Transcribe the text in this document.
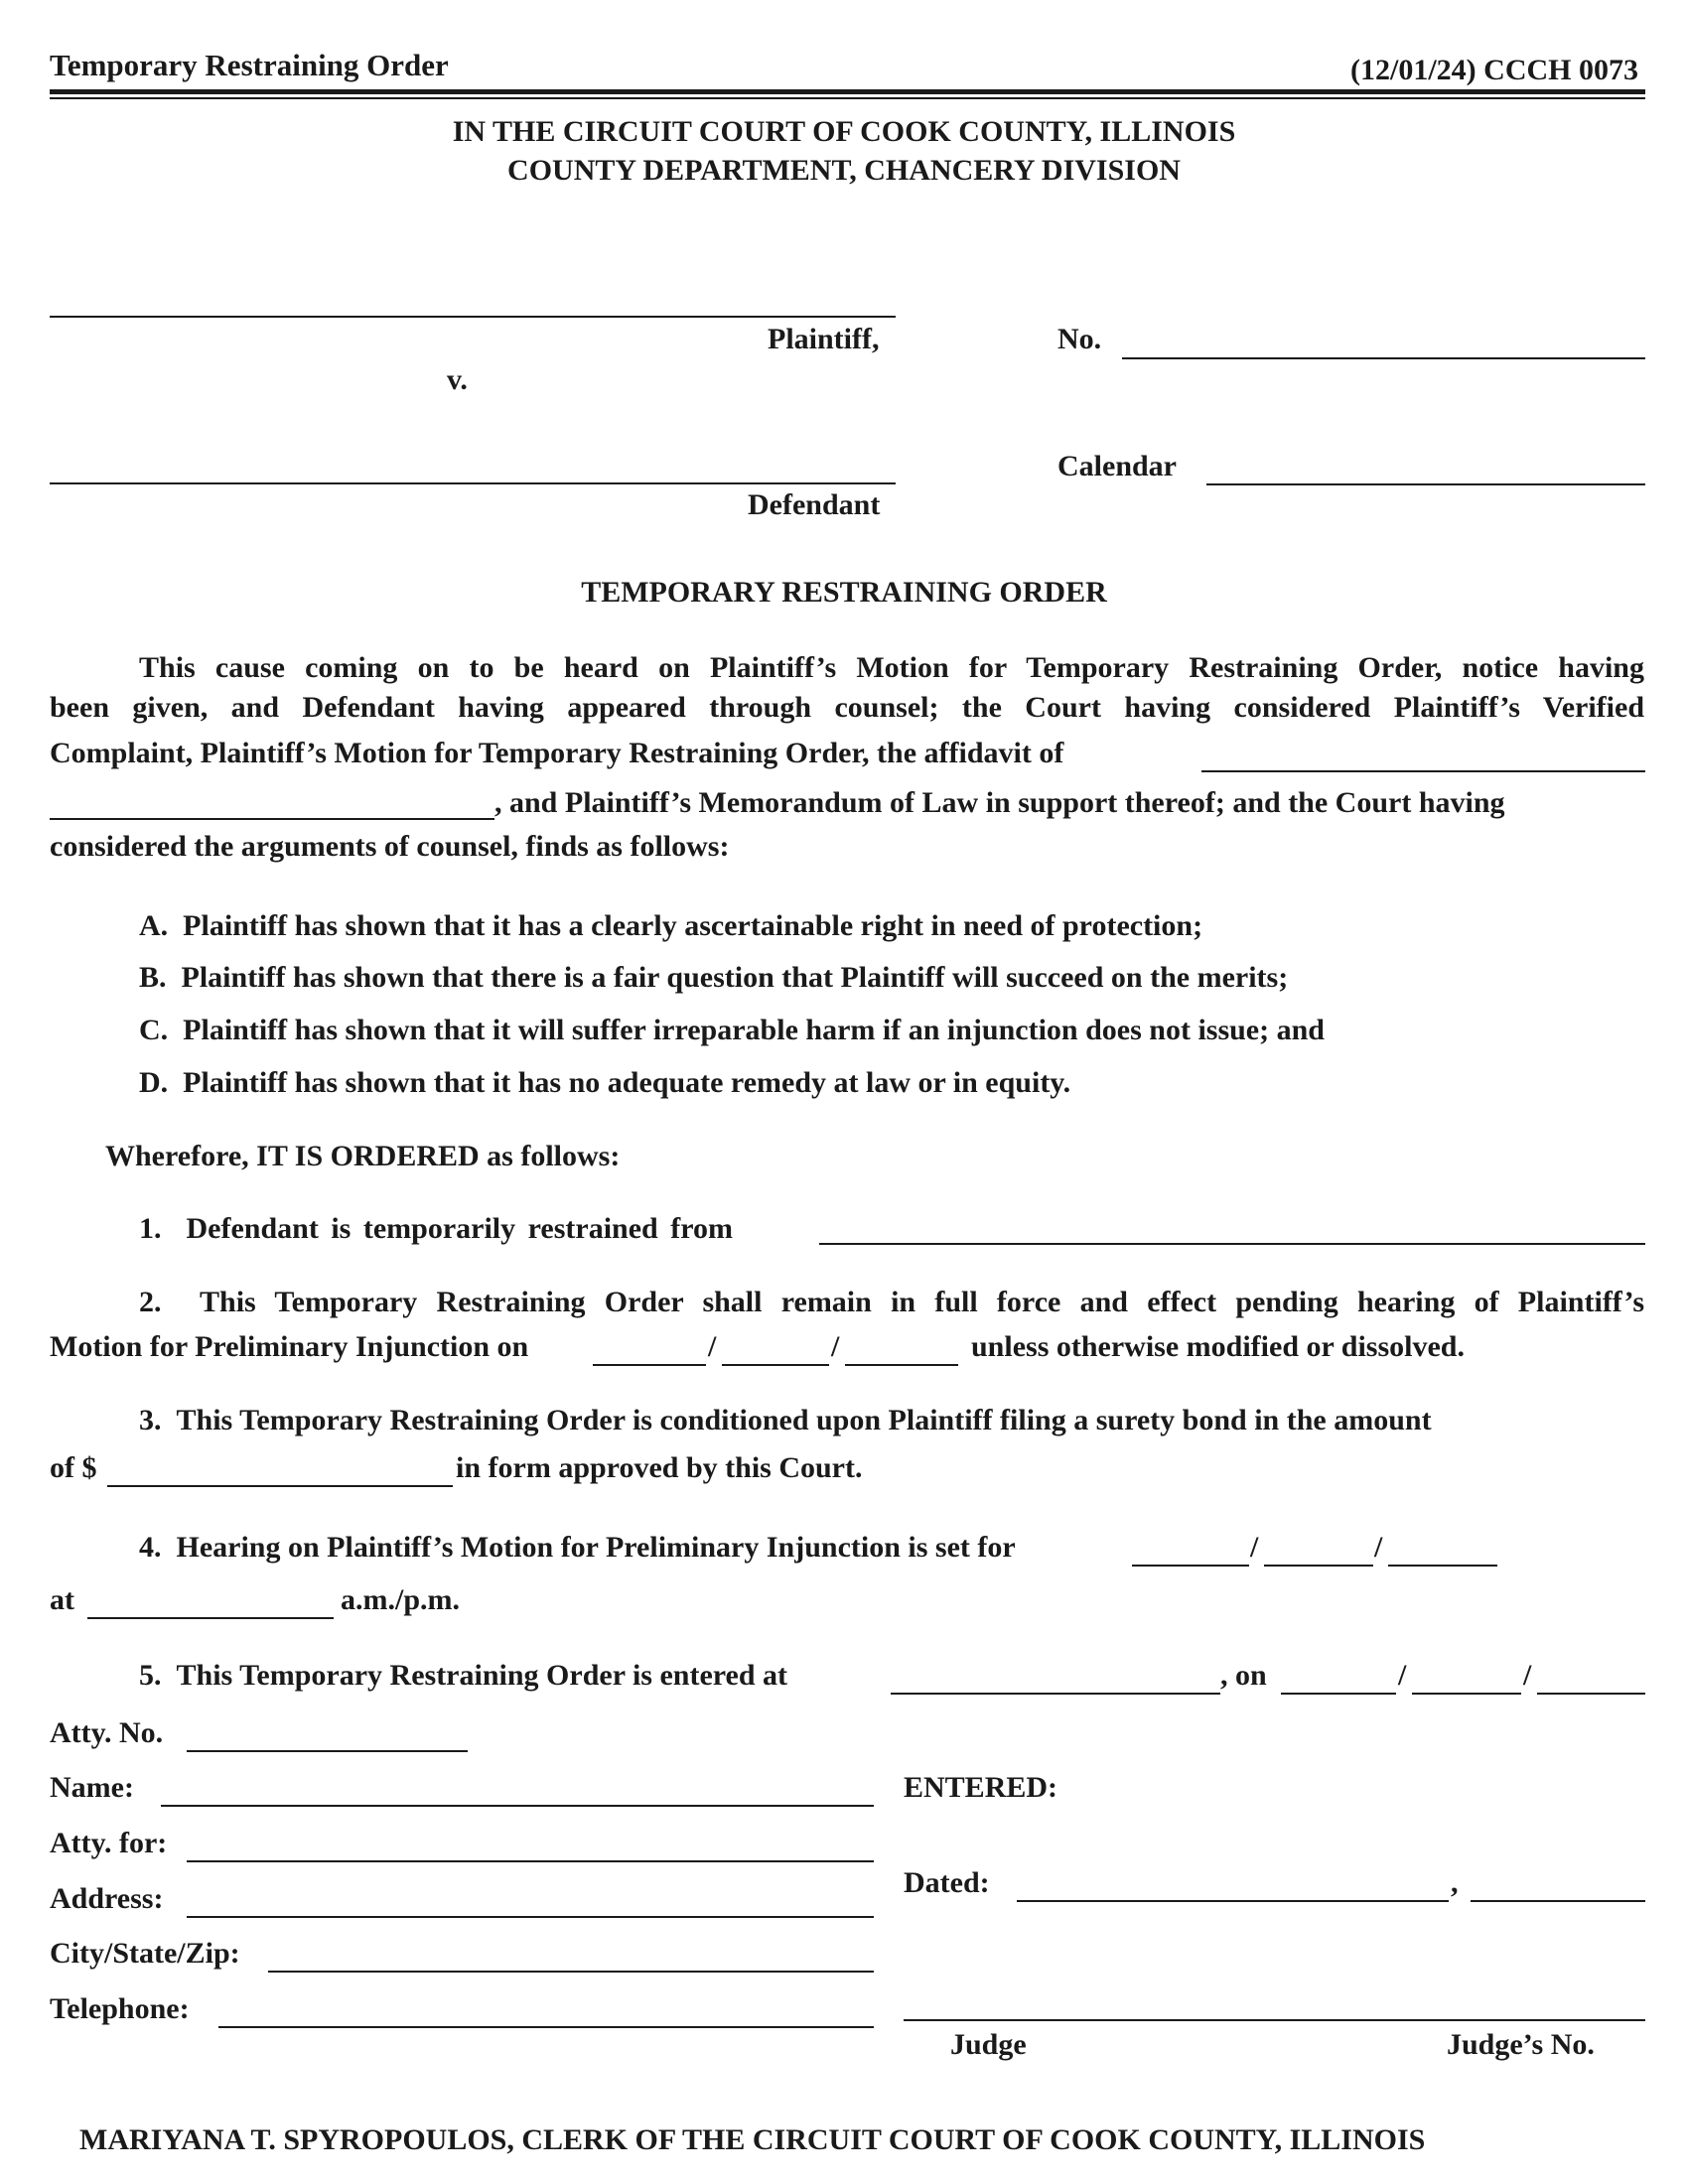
Temporary Restraining Order	(12/01/24) CCCH 0073
IN THE CIRCUIT COURT OF COOK COUNTY, ILLINOIS
COUNTY DEPARTMENT, CHANCERY DIVISION
Plaintiff,
v.
Defendant
No.
Calendar
TEMPORARY RESTRAINING ORDER
This cause coming on to be heard on Plaintiff’s Motion for Temporary Restraining Order, notice having
been given, and Defendant having appeared through counsel; the Court having considered Plaintiff’s Verified
Complaint, Plaintiff’s Motion for Temporary Restraining Order, the affidavit of
, and Plaintiff’s Memorandum of Law in support thereof; and the Court having
considered the arguments of counsel, finds as follows:
A. Plaintiff has shown that it has a clearly ascertainable right in need of protection;
B. Plaintiff has shown that there is a fair question that Plaintiff will succeed on the merits;
C. Plaintiff has shown that it will suffer irreparable harm if an injunction does not issue; and
D. Plaintiff has shown that it has no adequate remedy at law or in equity.
Wherefore, IT IS ORDERED as follows:
1. Defendant is temporarily restrained from
2. This Temporary Restraining Order shall remain in full force and effect pending hearing of Plaintiff’s
Motion for Preliminary Injunction on	/	/	unless otherwise modified or dissolved.
3. This Temporary Restraining Order is conditioned upon Plaintiff filing a surety bond in the amount
of $	in form approved by this Court.
4. Hearing on Plaintiff’s Motion for Preliminary Injunction is set for	/	/
at	a.m./p.m.
5. This Temporary Restraining Order is entered at	, on	/	/
Atty. No.
Name:
Atty. for:
Address:
City/State/Zip:
Telephone:
ENTERED:
Dated:	,
Judge	Judge’s No.
MARIYANA T. SPYROPOULOS, CLERK OF THE CIRCUIT COURT OF COOK COUNTY, ILLINOIS
